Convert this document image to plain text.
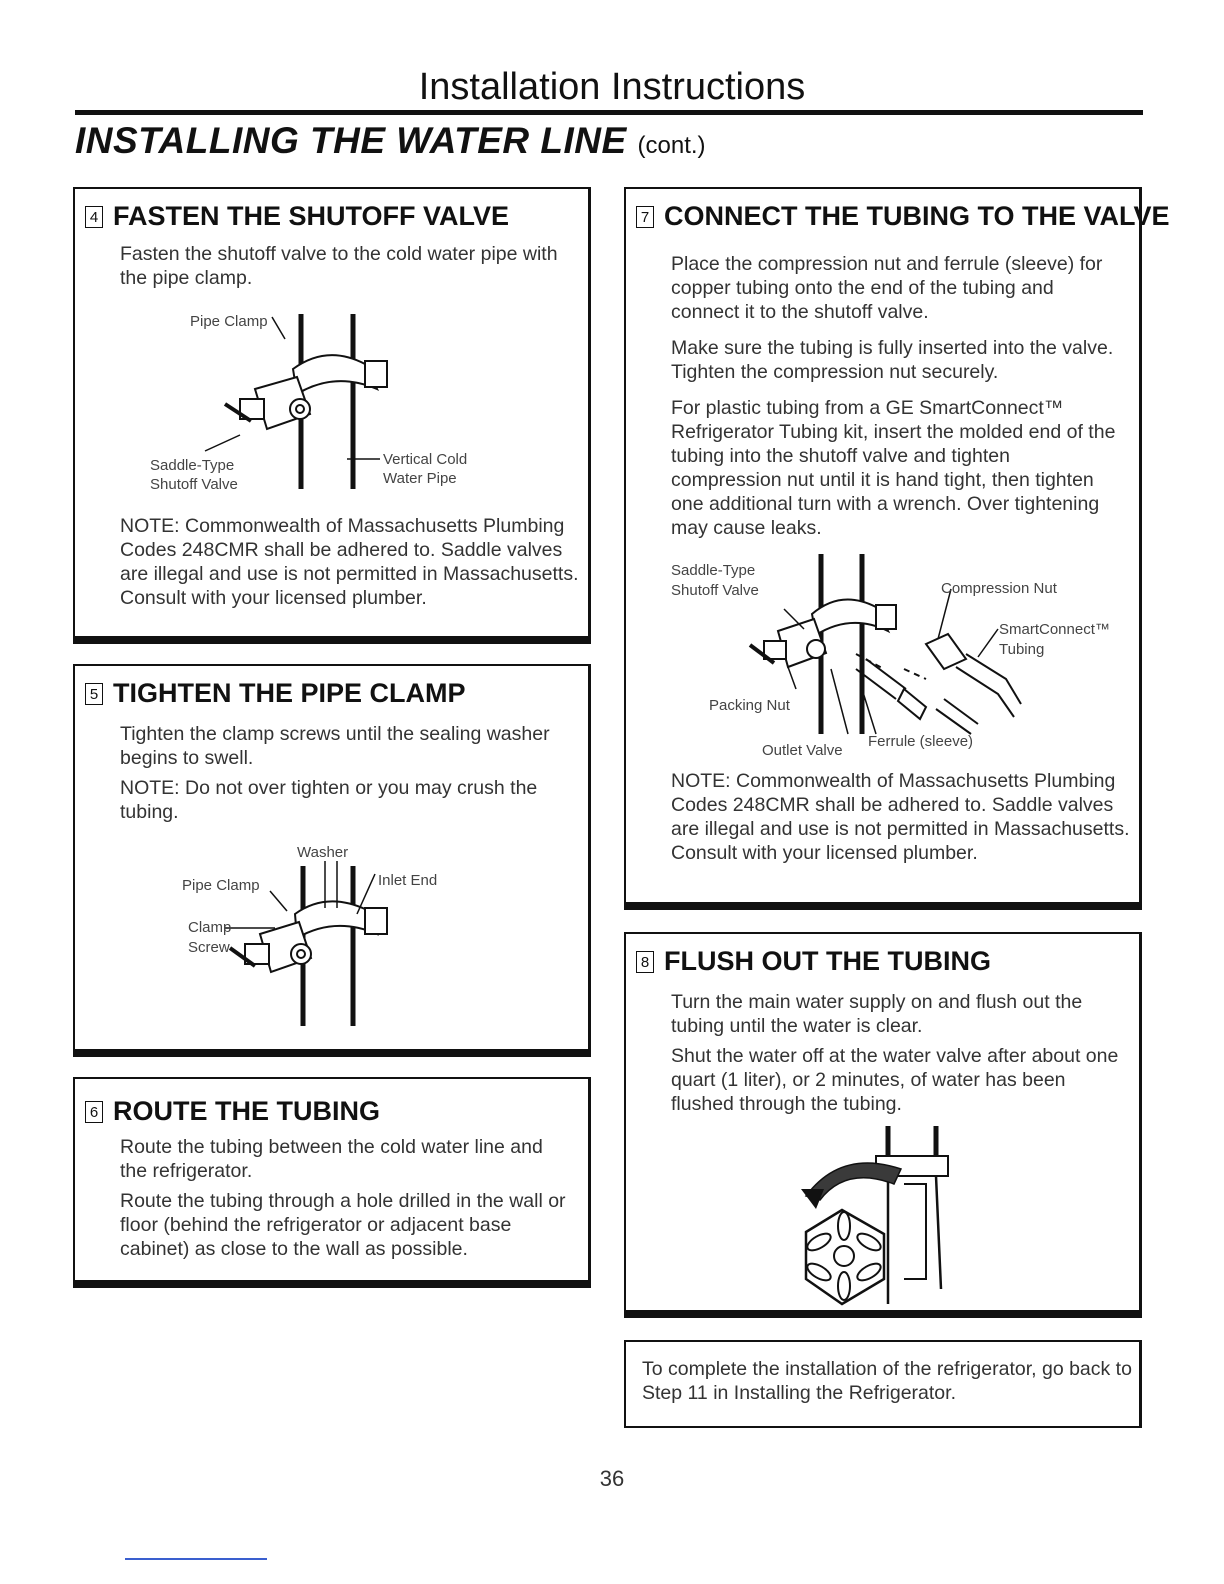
Installation Instructions
INSTALLING THE WATER LINE (cont.)
4 FASTEN THE SHUTOFF VALVE
Fasten the shutoff valve to the cold water pipe with the pipe clamp.
Pipe Clamp
Saddle-Type
Shutoff Valve
Vertical Cold
Water Pipe
NOTE: Commonwealth of Massachusetts Plumbing Codes 248CMR shall be adhered to. Saddle valves are illegal and use is not permitted in Massachusetts. Consult with your licensed plumber.
5 TIGHTEN THE PIPE CLAMP
Tighten the clamp screws until the sealing washer begins to swell.
NOTE: Do not over tighten or you may crush the tubing.
Washer
Pipe Clamp	Inlet End
Clamp
Screw
6 ROUTE THE TUBING
Route the tubing between the cold water line and the refrigerator.
Route the tubing through a hole drilled in the wall or floor (behind the refrigerator or adjacent base cabinet) as close to the wall as possible.
7 CONNECT THE TUBING TO THE VALVE
Place the compression nut and ferrule (sleeve) for copper tubing onto the end of the tubing and connect it to the shutoff valve.
Make sure the tubing is fully inserted into the valve. Tighten the compression nut securely.
For plastic tubing from a GE SmartConnect™ Refrigerator Tubing kit, insert the molded end of the tubing into the shutoff valve and tighten compression nut until it is hand tight, then tighten one additional turn with a wrench. Over tightening may cause leaks.
Saddle-Type
Shutoff Valve	Compression Nut
SmartConnect™
Tubing
Packing Nut
Outlet Valve
Ferrule (sleeve)
NOTE: Commonwealth of Massachusetts Plumbing Codes 248CMR shall be adhered to. Saddle valves are illegal and use is not permitted in Massachusetts. Consult with your licensed plumber.
8 FLUSH OUT THE TUBING
Turn the main water supply on and flush out the tubing until the water is clear.
Shut the water off at the water valve after about one quart (1 liter), or 2 minutes, of water has been flushed through the tubing.
To complete the installation of the refrigerator, go back to Step 11 in Installing the Refrigerator.
36
